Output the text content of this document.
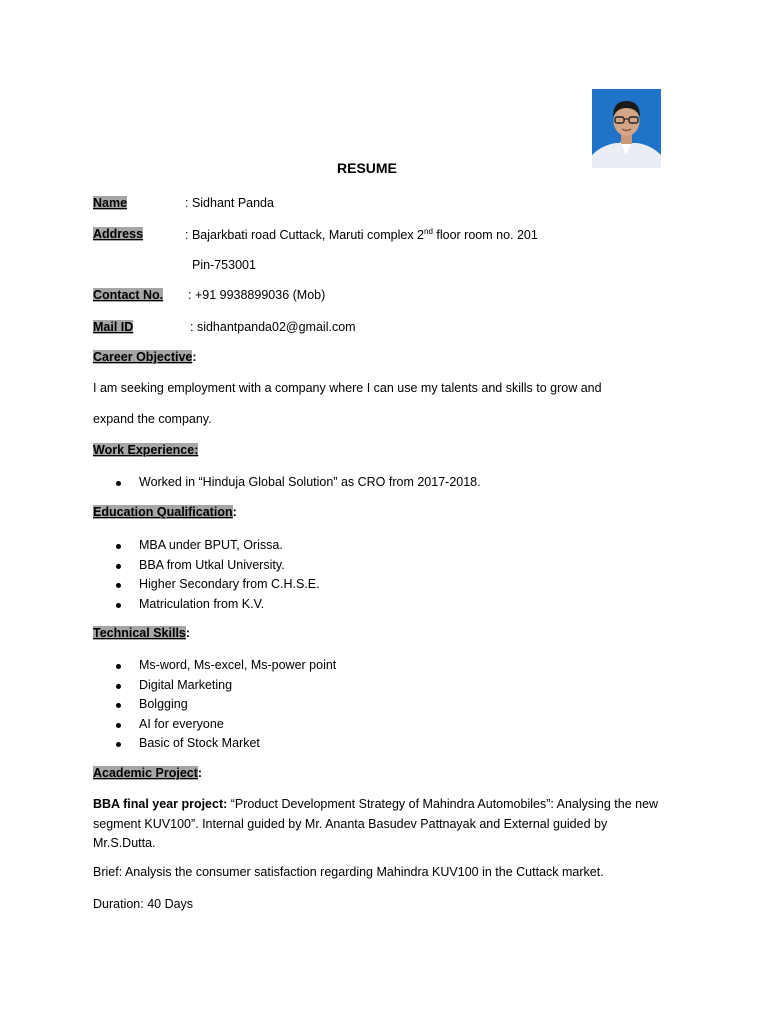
RESUME
Name	: Sidhant Panda
Address	: Bajarkbati road Cuttack, Maruti complex 2nd floor room no. 201
Pin-753001
Contact No. : +91 9938899036 (Mob)
Mail ID	: sidhantpanda02@gmail.com
Career Objective:
I am seeking employment with a company where I can use my talents and skills to grow and
expand the company.
Work Experience:
Worked in “Hinduja Global Solution” as CRO from 2017-2018.
Education Qualification:
MBA under BPUT, Orissa.
BBA from Utkal University.
Higher Secondary from C.H.S.E.
Matriculation from K.V.
Technical Skills:
Ms-word, Ms-excel, Ms-power point
Digital Marketing
Bolgging
AI for everyone
Basic of Stock Market
Academic Project:
BBA final year project: “Product Development Strategy of Mahindra Automobiles”: Analysing the new segment KUV100”. Internal guided by Mr. Ananta Basudev Pattnayak and External guided by Mr.S.Dutta.
Brief: Analysis the consumer satisfaction regarding Mahindra KUV100 in the Cuttack market.
Duration: 40 Days
